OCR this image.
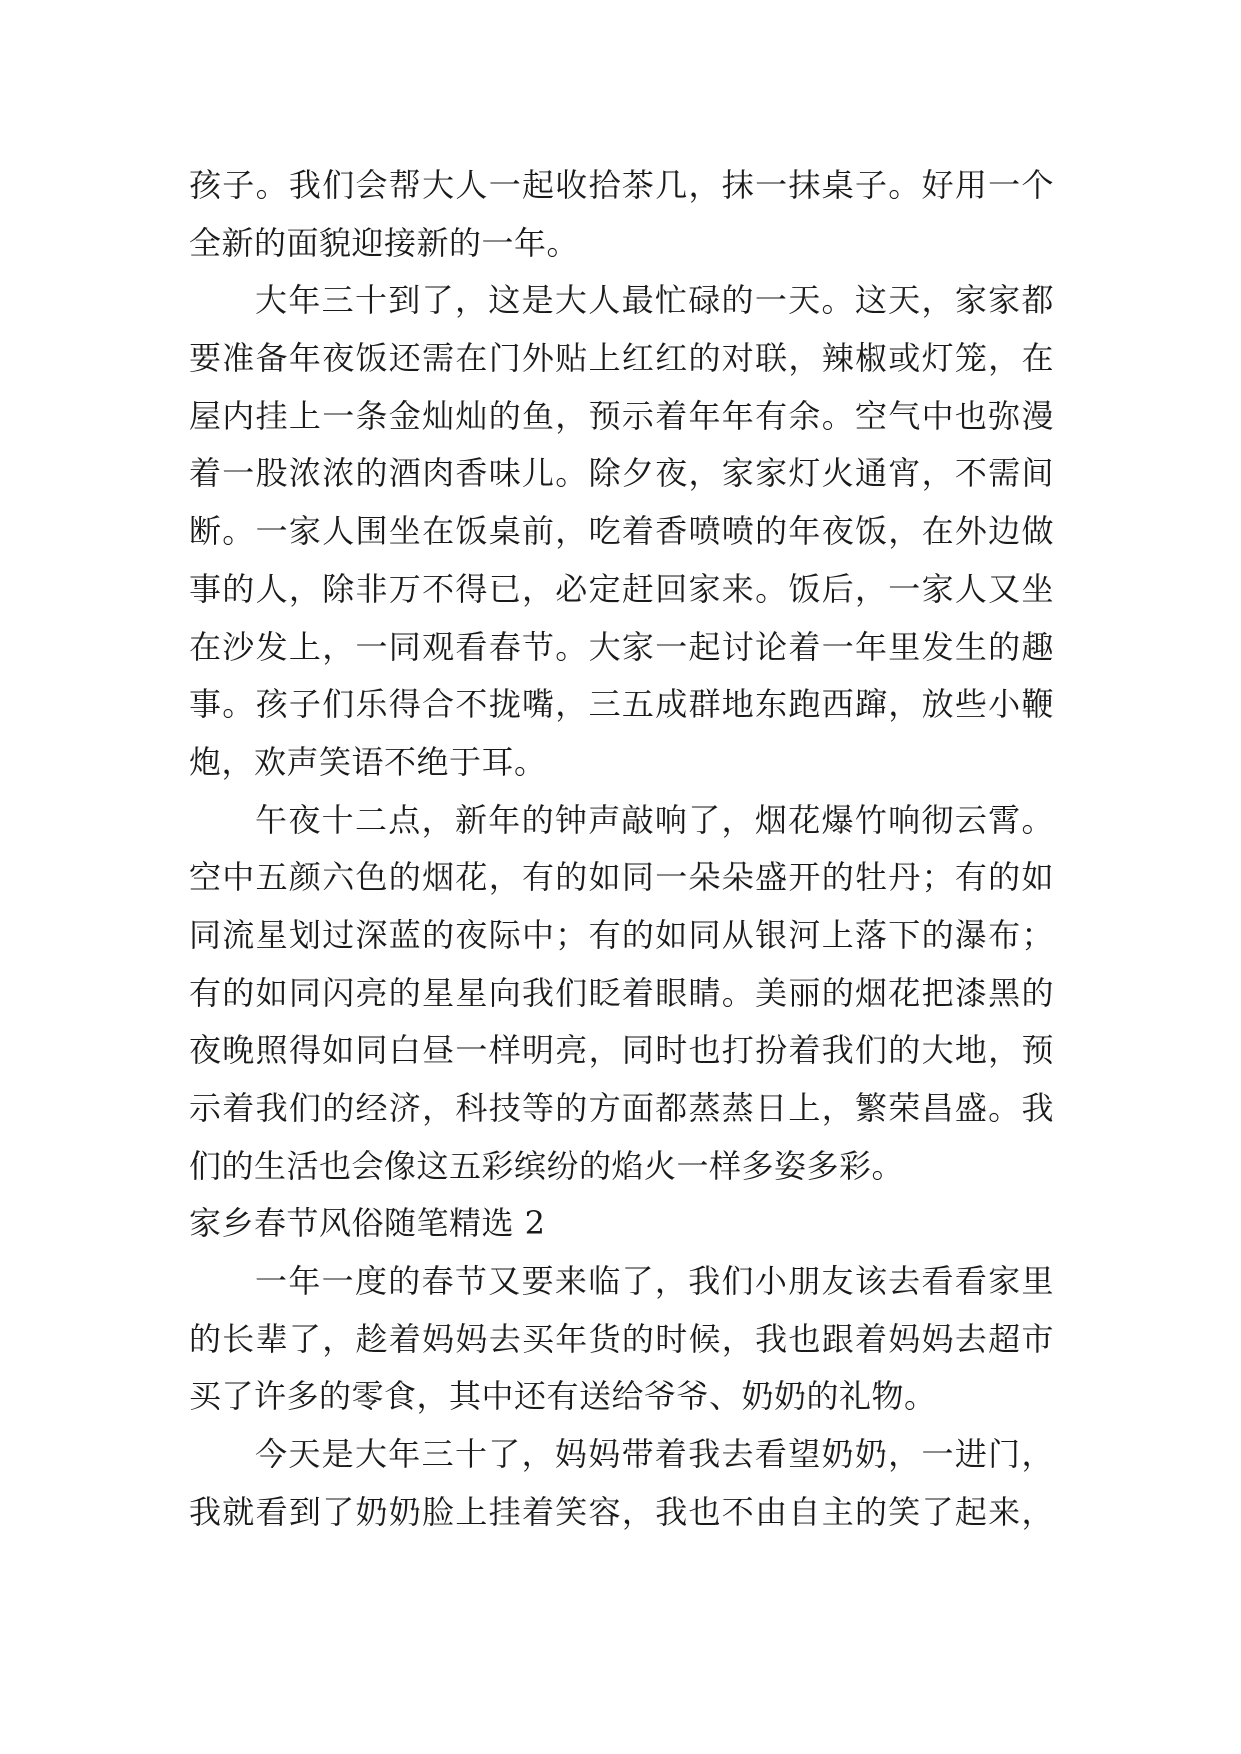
孩子。我们会帮大人一起收拾茶几，抹一抹桌子。好用一个
全新的面貌迎接新的一年。
大年三十到了，这是大人最忙碌的一天。这天，家家都
要准备年夜饭还需在门外贴上红红的对联，辣椒或灯笼，在
屋内挂上一条金灿灿的鱼，预示着年年有余。空气中也弥漫
着一股浓浓的酒肉香味儿。除夕夜，家家灯火通宵，不需间
断。一家人围坐在饭桌前，吃着香喷喷的年夜饭，在外边做
事的人，除非万不得已，必定赶回家来。饭后，一家人又坐
在沙发上，一同观看春节。大家一起讨论着一年里发生的趣
事。孩子们乐得合不拢嘴，三五成群地东跑西蹿，放些小鞭
炮，欢声笑语不绝于耳。
午夜十二点，新年的钟声敲响了，烟花爆竹响彻云霄。
空中五颜六色的烟花，有的如同一朵朵盛开的牡丹；有的如
同流星划过深蓝的夜际中；有的如同从银河上落下的瀑布；
有的如同闪亮的星星向我们眨着眼睛。美丽的烟花把漆黑的
夜晚照得如同白昼一样明亮，同时也打扮着我们的大地，预
示着我们的经济，科技等的方面都蒸蒸日上，繁荣昌盛。我
们的生活也会像这五彩缤纷的焰火一样多姿多彩。
家乡春节风俗随笔精选 2
一年一度的春节又要来临了，我们小朋友该去看看家里
的长辈了，趁着妈妈去买年货的时候，我也跟着妈妈去超市
买了许多的零食，其中还有送给爷爷、奶奶的礼物。
今天是大年三十了，妈妈带着我去看望奶奶，一进门，
我就看到了奶奶脸上挂着笑容，我也不由自主的笑了起来，
